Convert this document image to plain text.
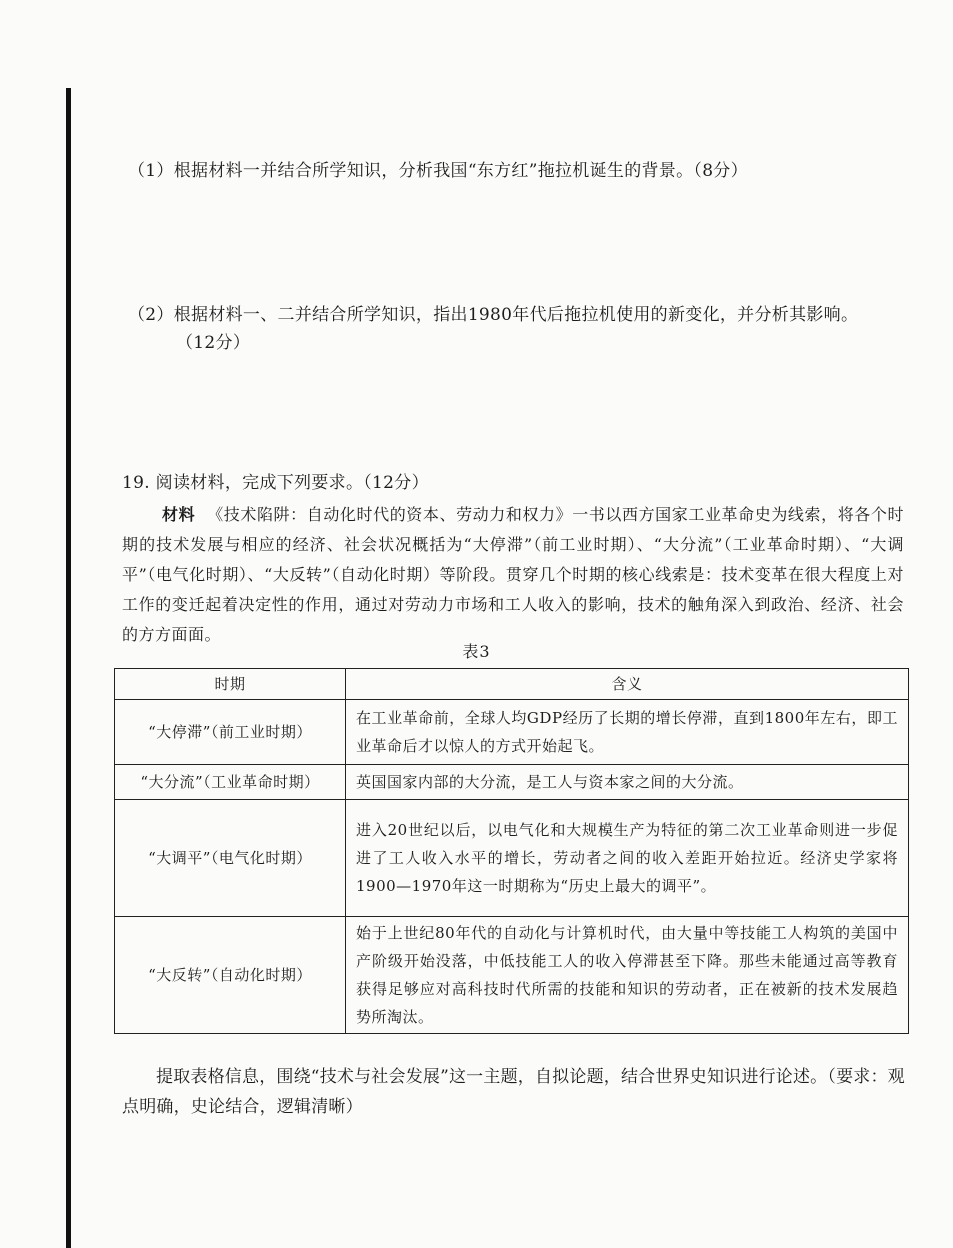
（1）根据材料一并结合所学知识，分析我国“东方红”拖拉机诞生的背景。（8分）
（2）根据材料一、二并结合所学知识，指出1980年代后拖拉机使用的新变化，并分析其影响。
（12分）
19. 阅读材料，完成下列要求。（12分）

材料 《技术陷阱：自动化时代的资本、劳动力和权力》一书以西方国家工业革命史为线索，将各个时期的技术发展与相应的经济、社会状况概括为“大停滞”（前工业时期）、“大分流”（工业革命时期）、“大调平”（电气化时期）、“大反转”（自动化时期）等阶段。贯穿几个时期的核心线索是：技术变革在很大程度上对工作的变迁起着决定性的作用，通过对劳动力市场和工人收入的影响，技术的触角深入到政治、经济、社会的方方面面。

表3
时期	含义
“大停滞”（前工业时期）	在工业革命前，全球人均GDP经历了长期的增长停滞，直到1800年左右，即工业革命后才以惊人的方式开始起飞。
“大分流”（工业革命时期）	英国国家内部的大分流，是工人与资本家之间的大分流。
“大调平”（电气化时期）	进入20世纪以后，以电气化和大规模生产为特征的第二次工业革命则进一步促进了工人收入水平的增长，劳动者之间的收入差距开始拉近。经济史学家将1900—1970年这一时期称为“历史上最大的调平”。
“大反转”（自动化时期）	始于上世纪80年代的自动化与计算机时代，由大量中等技能工人构筑的美国中产阶级开始没落，中低技能工人的收入停滞甚至下降。那些未能通过高等教育获得足够应对高科技时代所需的技能和知识的劳动者，正在被新的技术发展趋势所淘汰。

提取表格信息，围绕“技术与社会发展”这一主题，自拟论题，结合世界史知识进行论述。（要求：观点明确，史论结合，逻辑清晰）
